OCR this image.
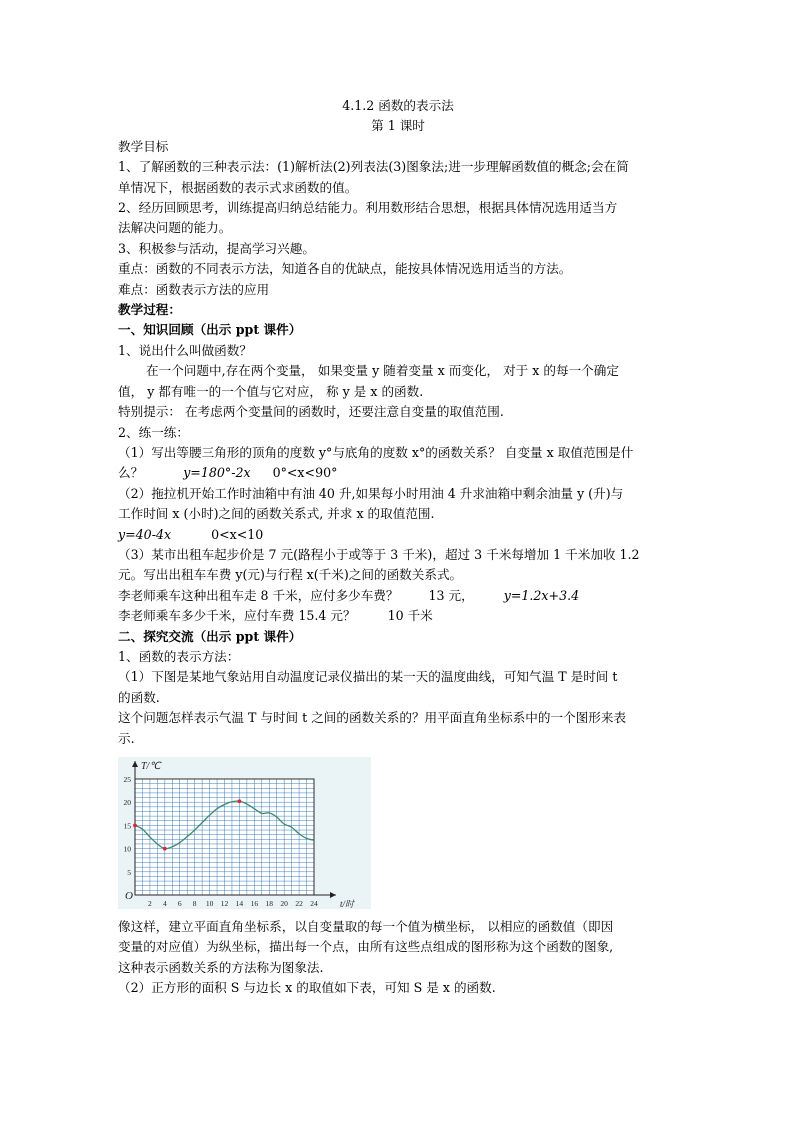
4.1.2 函数的表示法
第 1 课时
教学目标
1、了解函数的三种表示法：(1)解析法(2)列表法(3)图象法;进一步理解函数值的概念;会在简
单情况下，根据函数的表示式求函数的值。
2、经历回顾思考，训练提高归纳总结能力。利用数形结合思想，根据具体情况选用适当方
法解决问题的能力。
3、积极参与活动，提高学习兴趣。
重点：函数的不同表示方法，知道各自的优缺点，能按具体情况选用适当的方法。
难点：函数表示方法的应用
教学过程：
一、知识回顾（出示 ppt 课件）
1、说出什么叫做函数？
在一个问题中,存在两个变量， 如果变量 y 随着变量 x 而变化， 对于 x 的每一个确定
值， y 都有唯一的一个值与它对应， 称 y 是 x 的函数.
特别提示： 在考虑两个变量间的函数时，还要注意自变量的取值范围.
2、练一练：
（1）写出等腰三角形的顶角的度数 y°与底角的度数 x°的函数关系？ 自变量 x 取值范围是什
么？	y=180°-2x 0°<x<90°
（2）拖拉机开始工作时油箱中有油 40 升,如果每小时用油 4 升求油箱中剩余油量 y (升)与
工作时间 x (小时)之间的函数关系式, 并求 x 的取值范围.
y=40-4x	0<x<10
（3）某市出租车起步价是 7 元(路程小于或等于 3 千米)，超过 3 千米每增加 1 千米加收 1.2
元。写出出租车车费 y(元)与行程 x(千米)之间的函数关系式。
李老师乘车这种出租车走 8 千米，应付多少车费？ 13 元， y=1.2x+3.4
李老师乘车多少千米，应付车费 15.4 元？	10 千米
二、探究交流（出示 ppt 课件）
1、函数的表示方法：
（1）下图是某地气象站用自动温度记录仪描出的某一天的温度曲线，可知气温 T 是时间 t
的函数.
这个问题怎样表示气温 T 与时间 t 之间的函数关系的？用平面直角坐标系中的一个图形来表
示.
T/℃
t/时
O
2 4 6 8 10 12 14 16 18 20 22 24
5
10
15
20
25
像这样，建立平面直角坐标系，以自变量取的每一个值为横坐标， 以相应的函数值（即因
变量的对应值）为纵坐标，描出每一个点，由所有这些点组成的图形称为这个函数的图象,
这种表示函数关系的方法称为图象法.
（2）正方形的面积 S 与边长 x 的取值如下表，可知 S 是 x 的函数.
